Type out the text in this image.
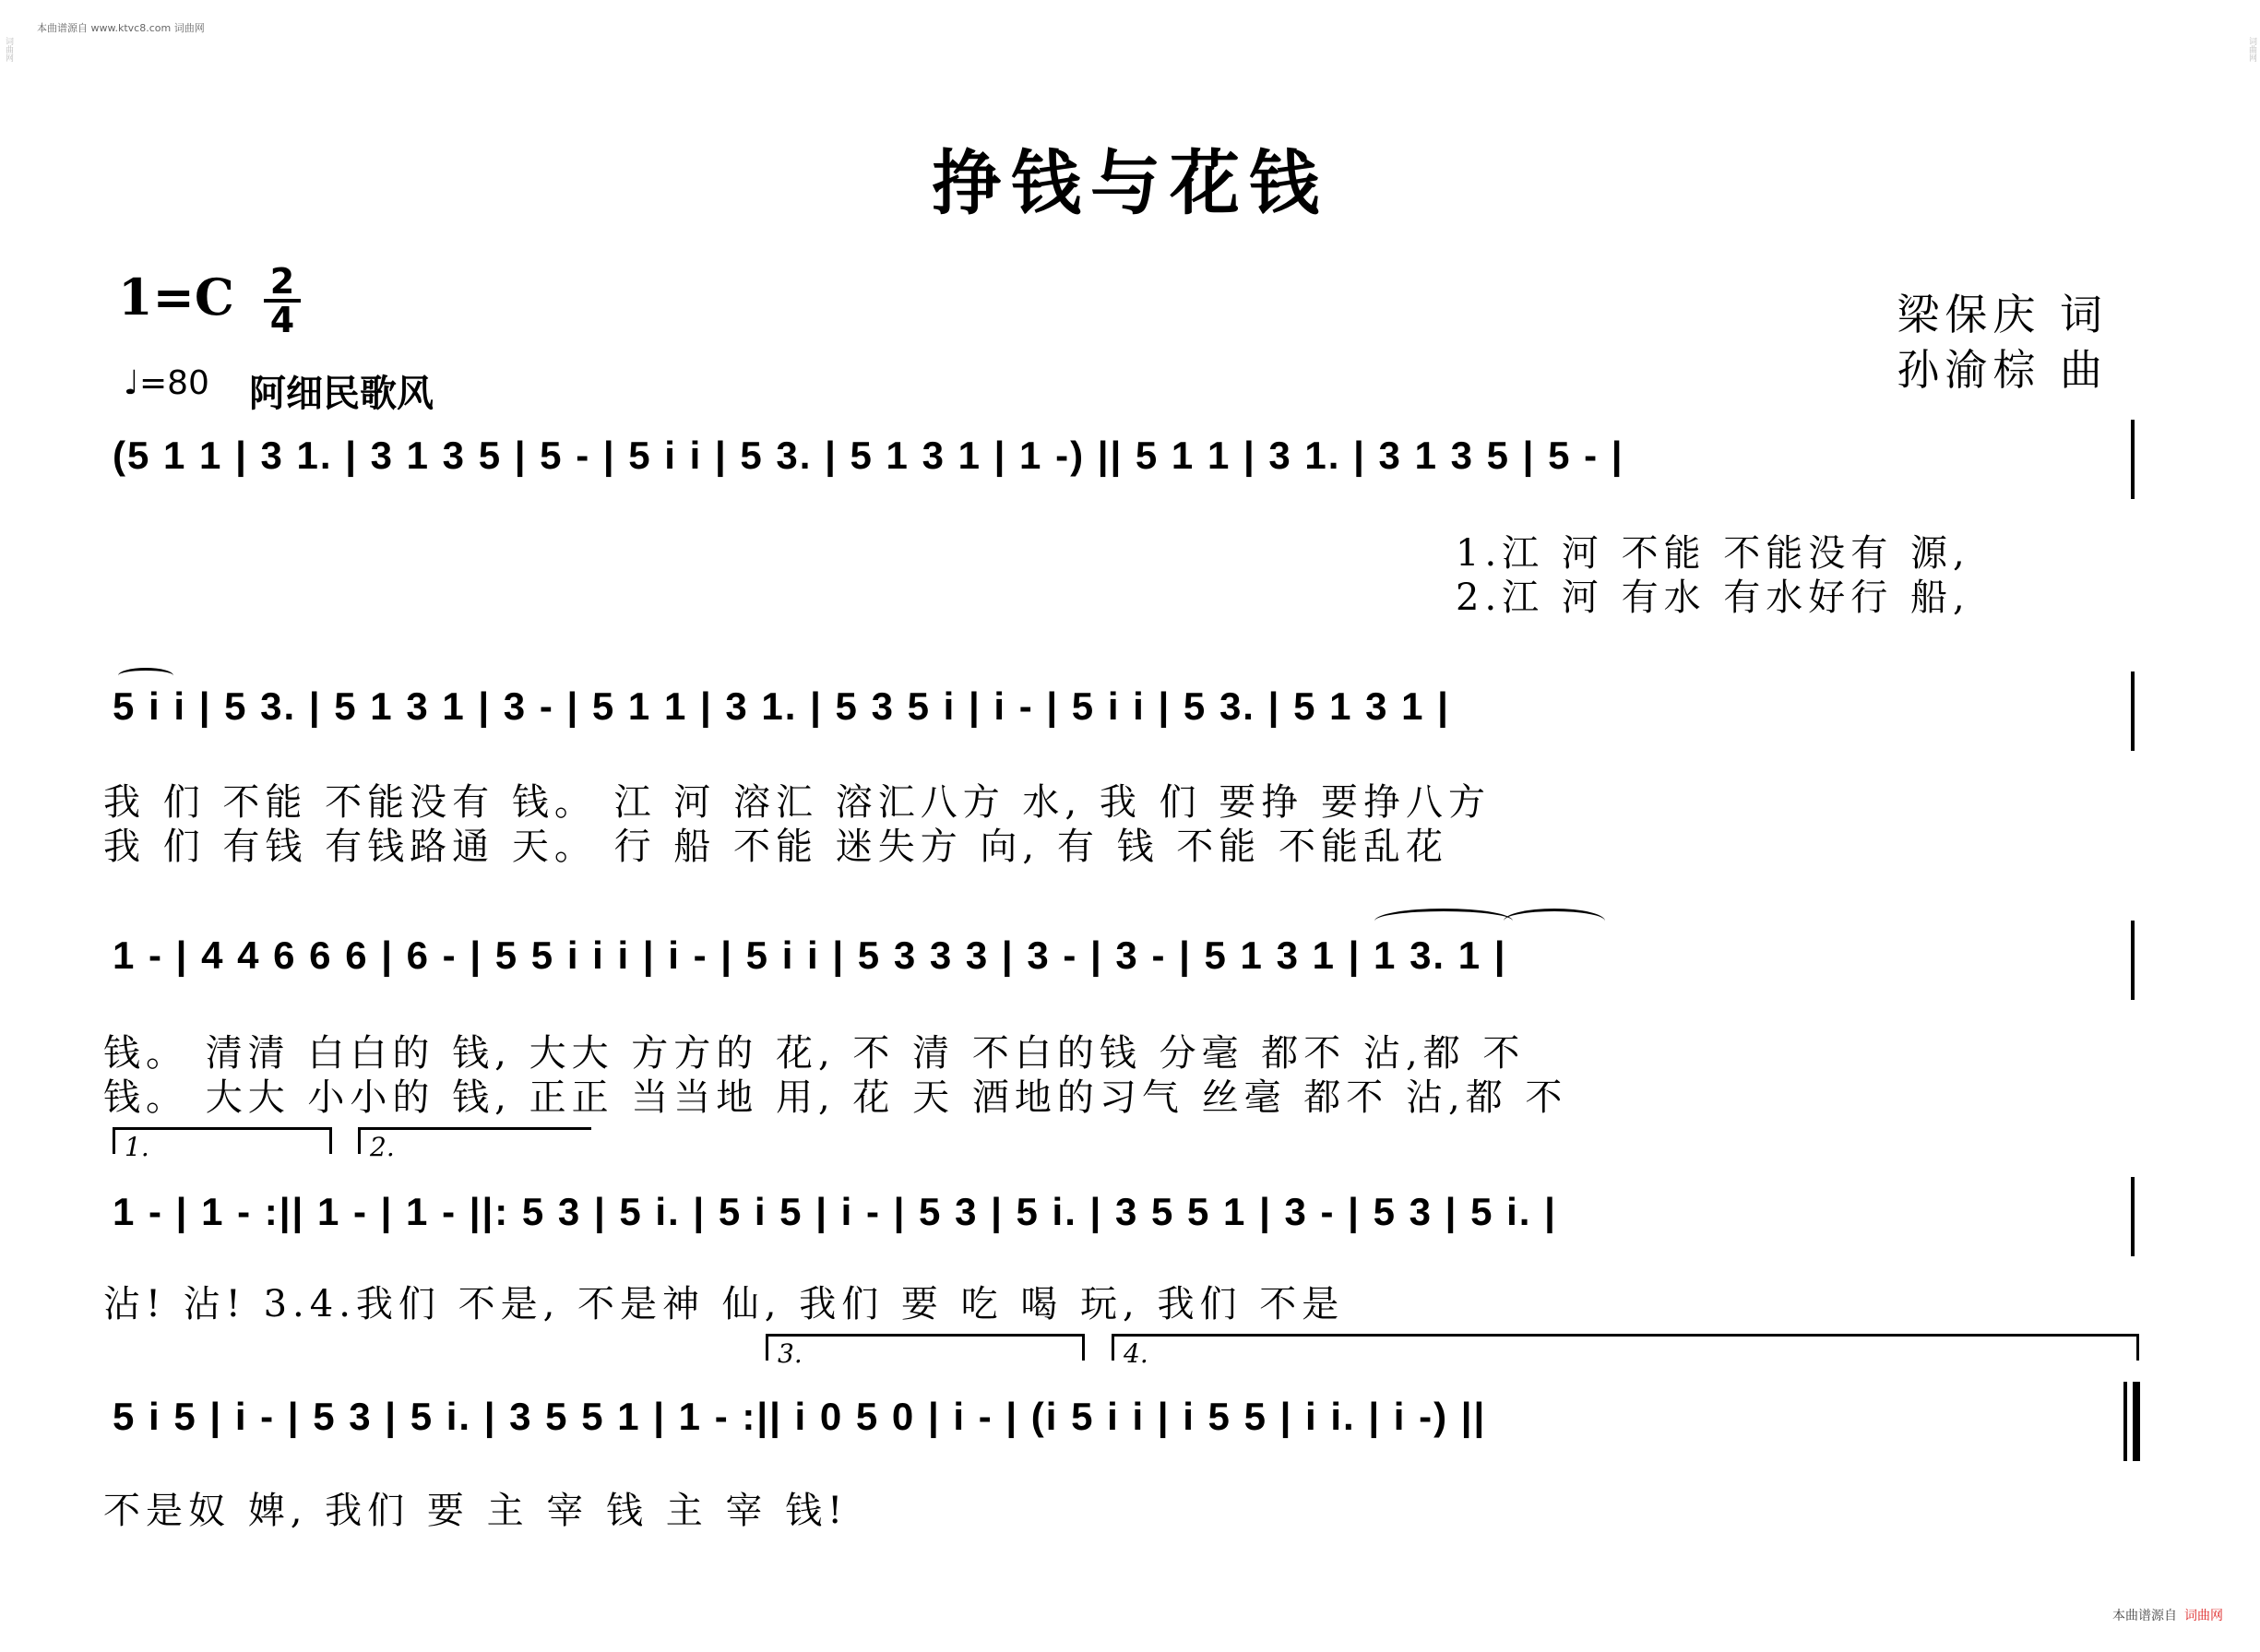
本曲谱源自 www.ktvc8.com 词曲网
词曲网	词曲网
本曲谱源自 词曲网
挣钱与花钱
$1=C \frac{2}{4}$
♩=80 阿细民歌风
梁保庆 词
孙渝棕 曲
(5 1 1 | 3 1. | 3 1 3 5 | 5 - | 5 i i | 5 3. | 5 1 3 1 | 1 -) || 5 1 1 | 3 1. | 3 1 3 5 | 5 - |
1.江 河 不能 不能没有 源,
2.江 河 有水 有水好行 船,
5 i i | 5 3. | 5 1 3 1 | 3 - | 5 1 1 | 3 1. | 5 3 5 i | i - | 5 i i | 5 3. | 5 1 3 1 |
我 们 不能 不能没有 钱。 江 河 溶汇 溶汇八方 水, 我 们 要挣 要挣八方
我 们 有钱 有钱路通 天。 行 船 不能 迷失方 向, 有 钱 不能 不能乱花
1 - | 4 4 6 6 6 | 6 - | 5 5 i i i | i - | 5 i i | 5 3 3 3 | 3 - | 3 - | 5 1 3 1 | 1 3. 1 |
钱。 清清 白白的 钱, 大大 方方的 花, 不 清 不白的钱 分毫 都不 沾,都 不
钱。 大大 小小的 钱, 正正 当当地 用, 花 天 酒地的习气 丝毫 都不 沾,都 不
1.	2.
1 - | 1 - :|| 1 - | 1 - ||: 5 3 | 5 i. | 5 i 5 | i - | 5 3 | 5 i. | 3 5 5 1 | 3 - | 5 3 | 5 i. |
沾! 沾! 3.4.我们 不是, 不是神 仙, 我们 要 吃 喝 玩, 我们 不是
3.	4.
5 i 5 | i - | 5 3 | 5 i. | 3 5 5 1 | 1 - :|| i 0 5 0 | i - | (i 5 i i | i 5 5 | i i. | i -) ||
不是奴 婢, 我们 要 主 宰 钱 主 宰 钱!
